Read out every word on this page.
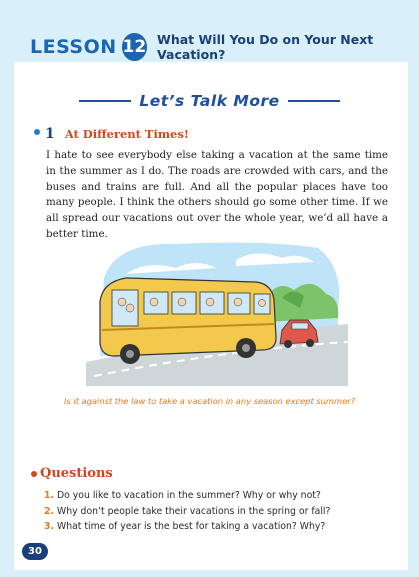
LESSON 12 What Will You Do on Your Next Vacation?
Let’s Talk More
1 At Different Times!

I hate to see everybody else taking a vacation at the same time in the summer as I do. The roads are crowded with cars, and the buses and trains are full. And all the popular places have too many people. I think the others should go some other time. If we all spread our vacations out over the whole year, we’d all have a better time.

Is it against the law to take a vacation in any season except summer?
Questions
1. Do you like to vacation in the summer? Why or why not?
2. Why don’t people take their vacations in the spring or fall?
3. What time of year is the best for taking a vacation? Why?
30
